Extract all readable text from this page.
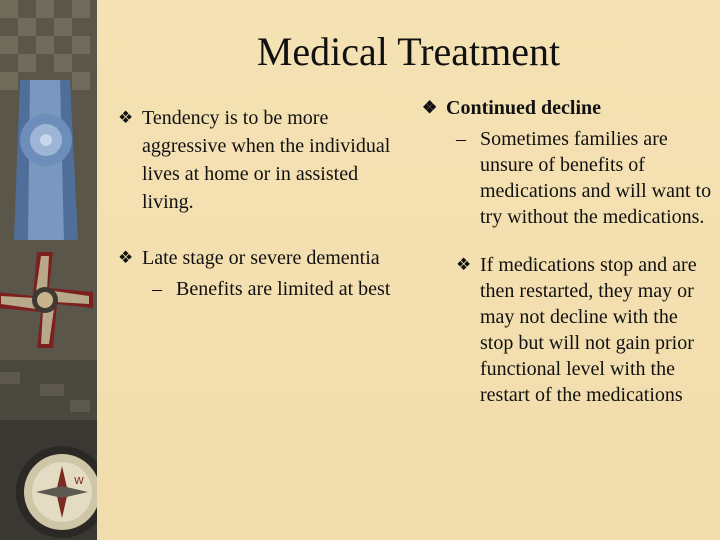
W
Medical Treatment
❖ Tendency is to be more aggressive when the individual lives at home or in assisted living.
❖ Late stage or severe dementia
– Benefits are limited at best
❖ Continued decline
– Sometimes families are unsure of benefits of medications and will want to try without the medications.
❖ If medications stop and are then restarted, they may or may not decline with the stop but will not gain prior functional level with the restart of the medications
